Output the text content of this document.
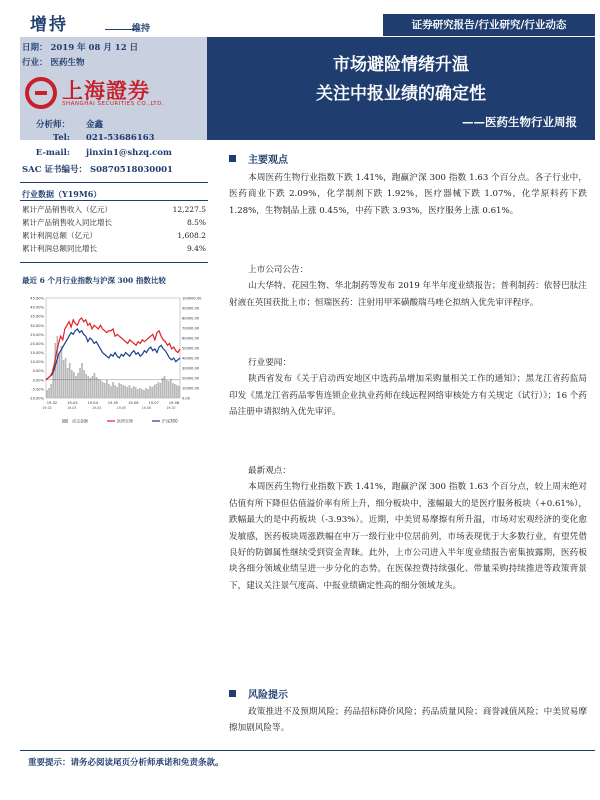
增持	维持	证券研究报告/行业研究/行业动态
日期： 2019 年 08 月 12 日
行业： 医药生物
上海證券
SHANGHAI SECURITIES CO.,LTD.
市场避险情绪升温
关注中报业绩的确定性
——医药生物行业周报
分析师： 金鑫
Tel: 021-53686163
E-mail: jinxin1@shzq.com
SAC 证书编号： S0870518030001
行业数据（Y19M6）
累计产品销售收入（亿元）	12,227.5
累计产品销售收入同比增长	8.5%
累计利润总额（亿元）	1,608.2
累计利润总额同比增长	9.4%
最近 6 个月行业指数与沪深 300 指数比较
45.00%
40.00%
35.00%
30.00%
25.00%
20.00%
15.00%
10.00%
5.00%
0.00%
-5.00%
-10.00%
100000.00
90000.00
80000.00
70000.00
60000.00
50000.00
40000.00
30000.00
20000.00
10000.00
0.00
19-02	19-03	19-04	19-05	19-06	19-07	19-08
19-02	19-03	19-04	19-05	19-06	19-07
成交金额	医药生物	沪深300
主要观点
本周医药生物行业指数下跌 1.41%，跑赢沪深 300 指数 1.63 个百分点。各子行业中，医药商业下跌 2.09%，化学制剂下跌 1.92%，医疗器械下跌 1.07%，化学原料药下跌 1.28%，生物制品上涨 0.45%，中药下跌 3.93%，医疗服务上涨 0.61%。
上市公司公告：
山大华特、花园生物、华北制药等发布 2019 年半年度业绩报告；普利制药：依替巴肽注射液在英国获批上市；恒瑞医药：注射用甲苯磺酸瑞马唑仑拟纳入优先审评程序。
行业要闻：
陕西省发布《关于启动西安地区中选药品增加采购量相关工作的通知》；黑龙江省药监局印发《黑龙江省药品零售连锁企业执业药师在线远程网络审核处方有关规定（试行）》；16 个药品注册申请拟纳入优先审评。
最新观点：
本周医药生物行业指数下跌 1.41%，跑赢沪深 300 指数 1.63 个百分点，较上周末绝对估值有所下降但估值溢价率有所上升，细分板块中，涨幅最大的是医疗服务板块（+0.61%），跌幅最大的是中药板块（-3.93%）。近期，中美贸易摩擦有所升温，市场对宏观经济的变化愈发敏感，医药板块周涨跌幅在申万一级行业中位居前列，市场表现优于大多数行业，有望凭借良好的防御属性继续受到资金青睐。此外，上市公司进入半年度业绩报告密集披露期，医药板块各细分领域业绩呈进一步分化的态势。在医保控费持续强化、带量采购持续推进等政策背景下，建议关注景气度高、中报业绩确定性高的细分领域龙头。
风险提示
政策推进不及预期风险；药品招标降价风险；药品质量风险；商誉减值风险；中美贸易摩擦加剧风险等。
重要提示：请务必阅读尾页分析师承诺和免责条款。
